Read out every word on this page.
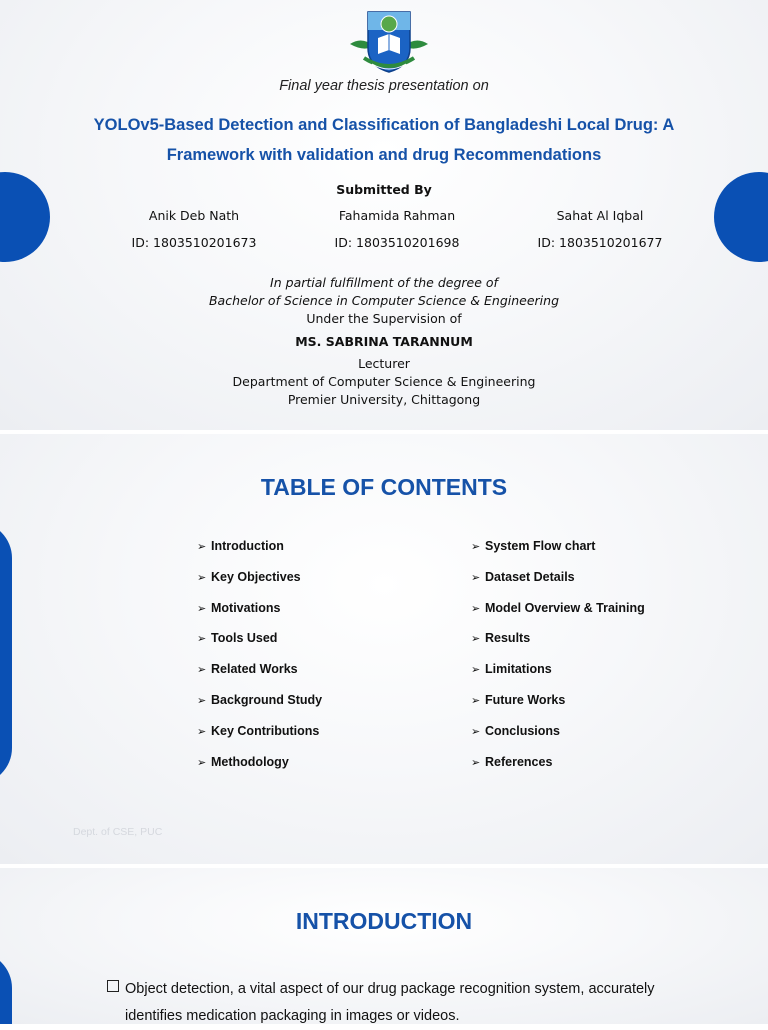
Final year thesis presentation on
YOLOv5-Based Detection and Classification of Bangladeshi Local Drug: A
Framework with validation and drug Recommendations
Submitted By
Anik Deb Nath
ID: 1803510201673
Fahamida Rahman
ID: 1803510201698
Sahat Al Iqbal
ID: 1803510201677
In partial fulfillment of the degree of
Bachelor of Science in Computer Science & Engineering
Under the Supervision of
MS. SABRINA TARANNUM
Lecturer
Department of Computer Science & Engineering
Premier University, Chittagong
TABLE OF CONTENTS
➢ Introduction
➢ Key Objectives
➢ Motivations
➢ Tools Used
➢ Related Works
➢ Background Study
➢ Key Contributions
➢ Methodology
➢ System Flow chart
➢ Dataset Details
➢ Model Overview & Training
➢ Results
➢ Limitations
➢ Future Works
➢ Conclusions
➢ References
Dept. of CSE, PUC
INTRODUCTION
Object detection, a vital aspect of our drug package recognition system, accurately
identifies medication packaging in images or videos.
